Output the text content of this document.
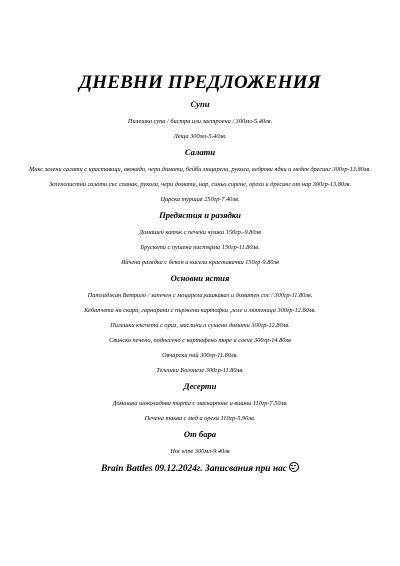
ДНЕВНИ ПРЕДЛОЖЕНИЯ
Супи
Пилешка супа / бистра или застроена / 300мл-5.40лв.
Леща 300мл-5.40лв.
Салати
Микс зелени салати с краставици, авокадо, чери домати, бейби моцарела, рукола, кедрови ядки и меден дресинг 300гр-13.80лв.
Зеленолистни салати със спанак, рукола, чери домати, нар, синьо сирене, орехи и дресинг от нар 300гр-13.80лв.
Царска туршия 250гр-7.40лв.
Предястия и разядки
Домашен катък с печени чушки 150гр.-9.80лв
Брускети с пушена пастърма 150гр-11.80лв.
Яйчена разядка с бекон и кисели краставички 150гр-9.80лв
Основни ястия
Патладжан Ветрило / запечен с моцарела,кашкавал и доматен сос / 300гр-11.80лв.
Кебапчета на скара, гарнирани с пържени картофки ,леле и лютеница 300гр-12.80лв.
Пилешки късчета с ориз, маслини и сушени домати 300гр-12.80лв.
Свинско печено, поднесено с картофено пюре и сосче 300гр-14.80лв
Овчарски пай 300гр-11.80лв.
Телешки Болонезе 300гр-11.80лв.
Десерти
Домашна шоколадова торта с маскарпоне и вишни 110гр-7.50лв.
Печена тиква с мед и орехи 110гр-5.90лв.
От бара
Hot wine 300мл-9.40лв
Brain Battles 09.12.2024г. Записвания при нас
